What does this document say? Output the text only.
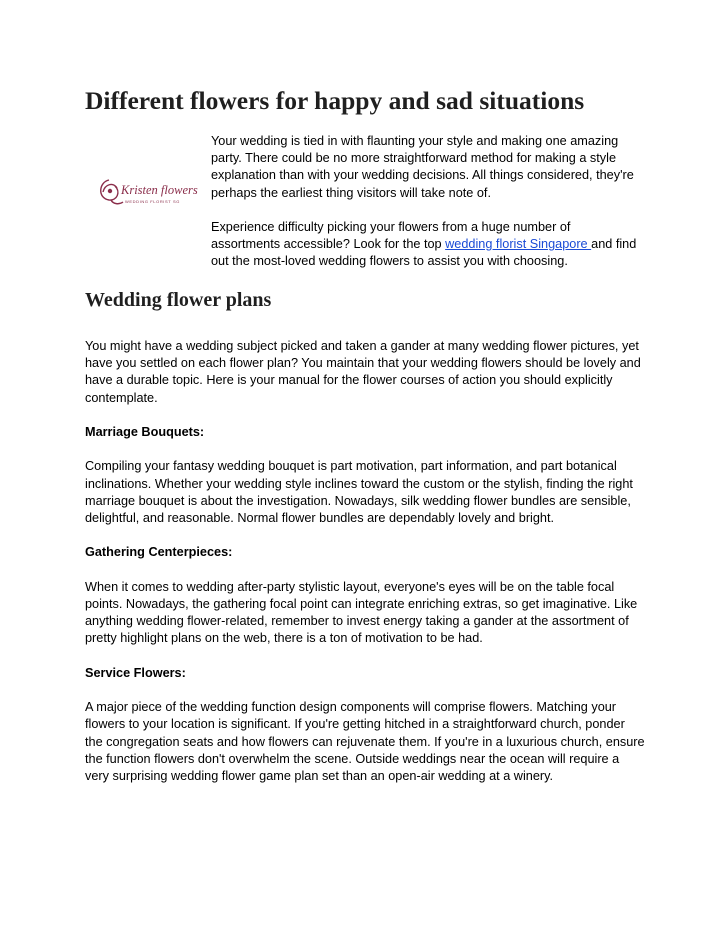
Different flowers for happy and sad situations
Kristen flowers
WEDDING FLORIST SG

Your wedding is tied in with flaunting your style and making one amazing party. There could be no more straightforward method for making a style explanation than with your wedding decisions. All things considered, they're perhaps the earliest thing visitors will take note of.

Experience difficulty picking your flowers from a huge number of assortments accessible? Look for the top wedding florist Singapore and find out the most-loved wedding flowers to assist you with choosing.

Wedding flower plans

You might have a wedding subject picked and taken a gander at many wedding flower pictures, yet have you settled on each flower plan? You maintain that your wedding flowers should be lovely and have a durable topic. Here is your manual for the flower courses of action you should explicitly contemplate.

Marriage Bouquets:

Compiling your fantasy wedding bouquet is part motivation, part information, and part botanical inclinations. Whether your wedding style inclines toward the custom or the stylish, finding the right marriage bouquet is about the investigation. Nowadays, silk wedding flower bundles are sensible, delightful, and reasonable. Normal flower bundles are dependably lovely and bright.

Gathering Centerpieces:

When it comes to wedding after-party stylistic layout, everyone's eyes will be on the table focal points. Nowadays, the gathering focal point can integrate enriching extras, so get imaginative. Like anything wedding flower-related, remember to invest energy taking a gander at the assortment of pretty highlight plans on the web, there is a ton of motivation to be had.

Service Flowers:

A major piece of the wedding function design components will comprise flowers. Matching your flowers to your location is significant. If you're getting hitched in a straightforward church, ponder the congregation seats and how flowers can rejuvenate them. If you're in a luxurious church, ensure the function flowers don't overwhelm the scene. Outside weddings near the ocean will require a very surprising wedding flower game plan set than an open-air wedding at a winery.
